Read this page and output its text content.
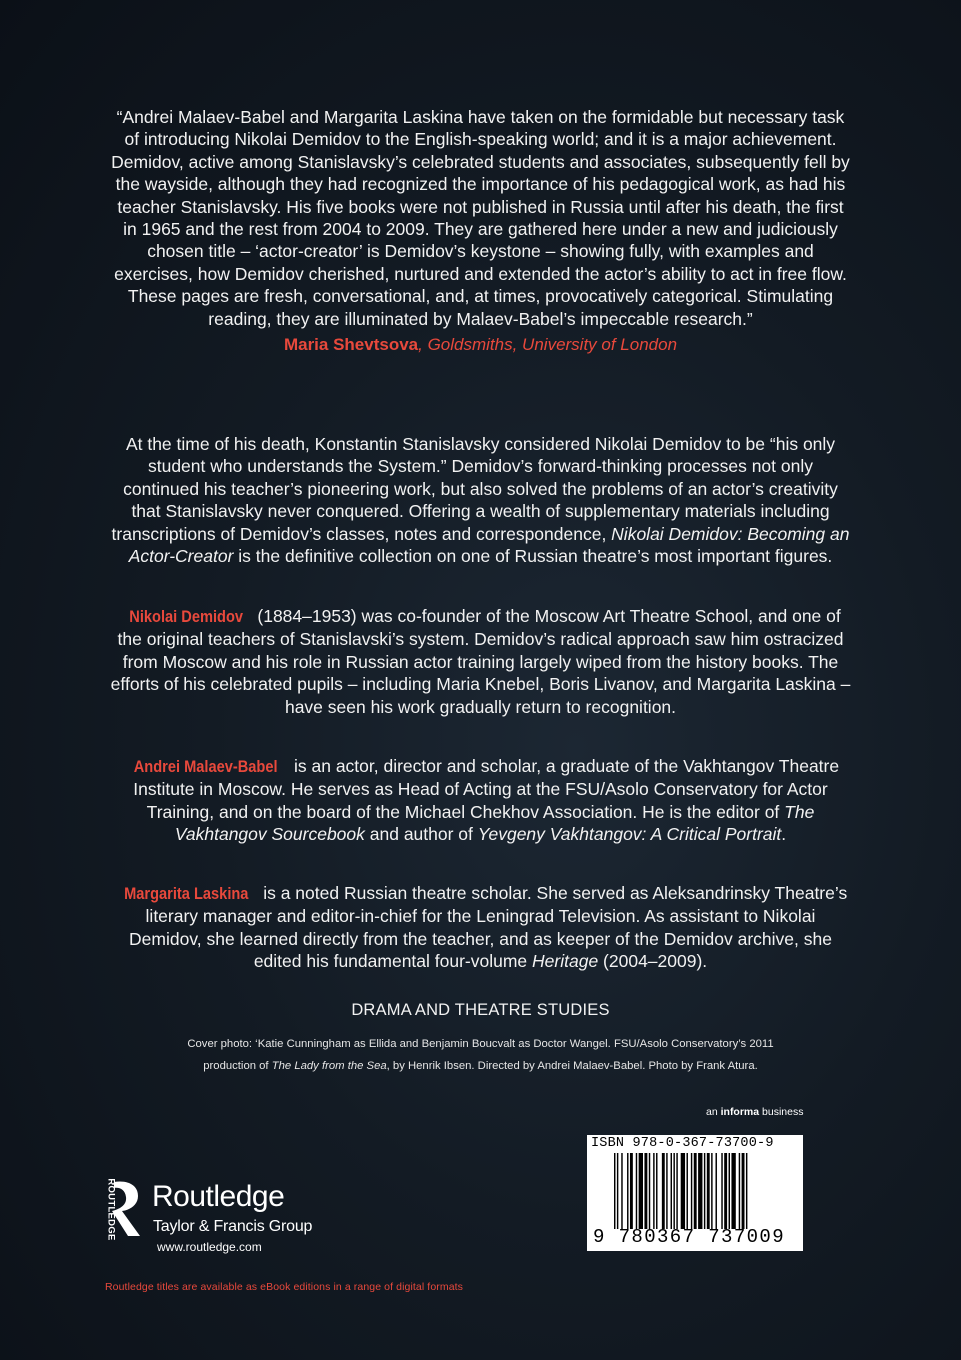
“Andrei Malaev-Babel and Margarita Laskina have taken on the formidable but necessary task of introducing Nikolai Demidov to the English-speaking world; and it is a major achievement. Demidov, active among Stanislavsky’s celebrated students and associates, subsequently fell by the wayside, although they had recognized the importance of his pedagogical work, as had his teacher Stanislavsky. His five books were not published in Russia until after his death, the first in 1965 and the rest from 2004 to 2009. They are gathered here under a new and judiciously chosen title – ‘actor-creator’ is Demidov’s keystone – showing fully, with examples and exercises, how Demidov cherished, nurtured and extended the actor’s ability to act in free flow. These pages are fresh, conversational, and, at times, provocatively categorical. Stimulating reading, they are illuminated by Malaev-Babel’s impeccable research.”

Maria Shevtsova, Goldsmiths, University of London

At the time of his death, Konstantin Stanislavsky considered Nikolai Demidov to be “his only student who understands the System.” Demidov’s forward-thinking processes not only continued his teacher’s pioneering work, but also solved the problems of an actor’s creativity that Stanislavsky never conquered. Offering a wealth of supplementary materials including transcriptions of Demidov’s classes, notes and correspondence, Nikolai Demidov: Becoming an Actor-Creator is the definitive collection on one of Russian theatre’s most important figures.

Nikolai Demidov (1884–1953) was co-founder of the Moscow Art Theatre School, and one of the original teachers of Stanislavski’s system. Demidov’s radical approach saw him ostracized from Moscow and his role in Russian actor training largely wiped from the history books. The efforts of his celebrated pupils – including Maria Knebel, Boris Livanov, and Margarita Laskina – have seen his work gradually return to recognition.

Andrei Malaev-Babel is an actor, director and scholar, a graduate of the Vakhtangov Theatre Institute in Moscow. He serves as Head of Acting at the FSU/Asolo Conservatory for Actor Training, and on the board of the Michael Chekhov Association. He is the editor of The Vakhtangov Sourcebook and author of Yevgeny Vakhtangov: A Critical Portrait.

Margarita Laskina is a noted Russian theatre scholar. She served as Aleksandrinsky Theatre’s literary manager and editor-in-chief for the Leningrad Television. As assistant to Nikolai Demidov, she learned directly from the teacher, and as keeper of the Demidov archive, she edited his fundamental four-volume Heritage (2004–2009).

DRAMA AND THEATRE STUDIES
Cover photo: ‘Katie Cunningham as Ellida and Benjamin Boucvalt as Doctor Wangel. FSU/Asolo Conservatory’s 2011
production of The Lady from the Sea, by Henrik Ibsen. Directed by Andrei Malaev-Babel. Photo by Frank Atura.
an informa business
ISBN 978-0-367-73700-9
9 780367 737009
ROUTLEDGE Routledge
Taylor & Francis Group
www.routledge.com
Routledge titles are available as eBook editions in a range of digital formats
